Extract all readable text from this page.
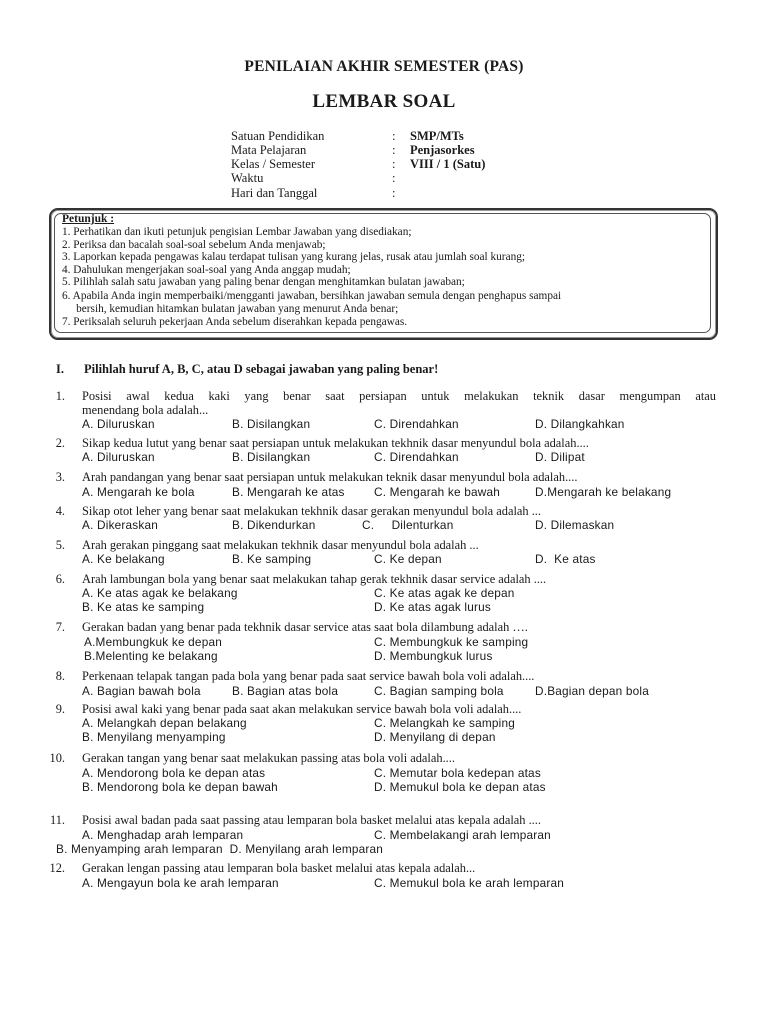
PENILAIAN AKHIR SEMESTER (PAS)
LEMBAR SOAL
Satuan Pendidikan	: SMP/MTs
Mata Pelajaran	: Penjasorkes
Kelas / Semester	: VIII / 1 (Satu)
Waktu	:
Hari dan Tanggal	:
Petunjuk :
1. Perhatikan dan ikuti petunjuk pengisian Lembar Jawaban yang disediakan;
2. Periksa dan bacalah soal-soal sebelum Anda menjawab;
3. Laporkan kepada pengawas kalau terdapat tulisan yang kurang jelas, rusak atau jumlah soal kurang;
4. Dahulukan mengerjakan soal-soal yang Anda anggap mudah;
5. Pilihlah salah satu jawaban yang paling benar dengan menghitamkan bulatan jawaban;
6. Apabila Anda ingin memperbaiki/mengganti jawaban, bersihkan jawaban semula dengan penghapus sampai
bersih, kemudian hitamkan bulatan jawaban yang menurut Anda benar;
7. Periksalah seluruh pekerjaan Anda sebelum diserahkan kepada pengawas.
I. Pilihlah huruf A, B, C, atau D sebagai jawaban yang paling benar!
1. Posisi awal kedua kaki yang benar saat persiapan untuk melakukan teknik dasar mengumpan atau
menendang bola adalah...
A. Diluruskan	B. Disilangkan	C. Direndahkan	D. Dilangkahkan
2. Sikap kedua lutut yang benar saat persiapan untuk melakukan tekhnik dasar menyundul bola adalah....
A. Diluruskan	B. Disilangkan	C. Direndahkan	D. Dilipat
3. Arah pandangan yang benar saat persiapan untuk melakukan teknik dasar menyundul bola adalah....
A. Mengarah ke bola	B. Mengarah ke atas C. Mengarah ke bawah	D.Mengarah ke belakang
4. Sikap otot leher yang benar saat melakukan tekhnik dasar gerakan menyundul bola adalah ...
A. Dikeraskan	B. Dikendurkan	C.     Dilenturkan	D. Dilemaskan
5. Arah gerakan pinggang saat melakukan tekhnik dasar menyundul bola adalah ...
A. Ke belakang	B. Ke samping	C. Ke depan	D.  Ke atas
6. Arah lambungan bola yang benar saat melakukan tahap gerak tekhnik dasar service adalah ....
A. Ke atas agak ke belakang	C. Ke atas agak ke depan
B. Ke atas ke samping	D. Ke atas agak lurus
7. Gerakan badan yang benar pada tekhnik dasar service atas saat bola dilambung adalah ….
A.Membungkuk ke depan	C. Membungkuk ke samping
B.Melenting ke belakang	D. Membungkuk lurus
8. Perkenaan telapak tangan pada bola yang benar pada saat service bawah bola voli adalah....
A. Bagian bawah bola	B. Bagian atas bola	C. Bagian samping bola	D.Bagian depan bola
9. Posisi awal kaki yang benar pada saat akan melakukan service bawah bola voli adalah....
A. Melangkah depan belakang	C. Melangkah ke samping
B. Menyilang menyamping	D. Menyilang di depan
10. Gerakan tangan yang benar saat melakukan passing atas bola voli adalah....
A. Mendorong bola ke depan atas	C. Memutar bola kedepan atas
B. Mendorong bola ke depan bawah	D. Memukul bola ke depan atas
11. Posisi awal badan pada saat passing atau lemparan bola basket melalui atas kepala adalah ....
A. Menghadap arah lemparan	C. Membelakangi arah lemparan
B. Menyamping arah lemparan  D. Menyilang arah lemparan
12. Gerakan lengan passing atau lemparan bola basket melalui atas kepala adalah...
A. Mengayun bola ke arah lemparan	C. Memukul bola ke arah lemparan
